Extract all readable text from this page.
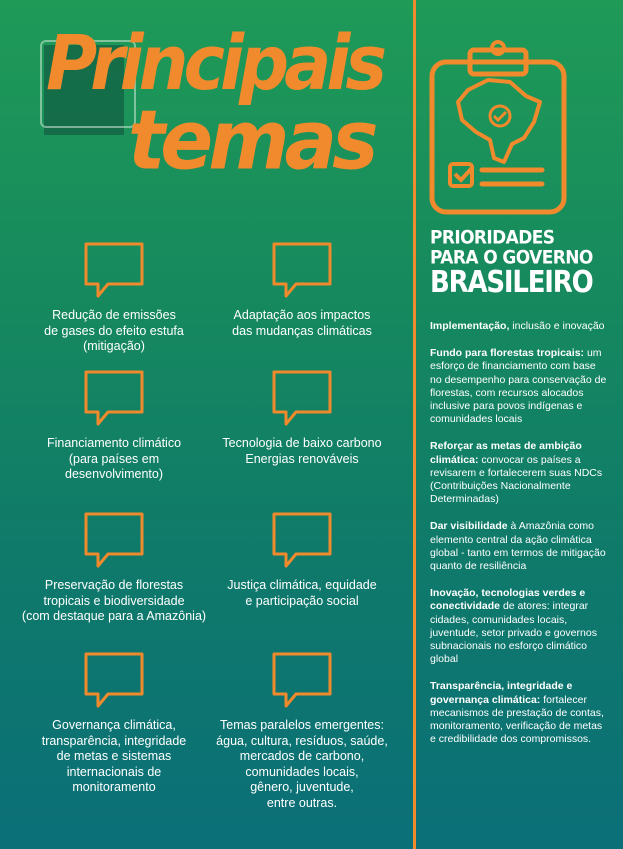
Principais
temas
Redução de emissões
de gases do efeito estufa
(mitigação)
Adaptação aos impactos
das mudanças climáticas
Financiamento climático
(para países em
desenvolvimento)
Tecnologia de baixo carbono
Energias renováveis
Preservação de florestas
tropicais e biodiversidade
(com destaque para a Amazônia)
Justiça climática, equidade
e participação social
Governança climática,
transparência, integridade
de metas e sistemas
internacionais de
monitoramento
Temas paralelos emergentes:
água, cultura, resíduos, saúde,
mercados de carbono,
comunidades locais,
gênero, juventude,
entre outras.
PRIORIDADES
PARA O GOVERNO
BRASILEIRO
Implementação, inclusão e inovação
Fundo para florestas tropicais: um esforço de financiamento com base no desempenho para conservação de florestas, com recursos alocados inclusive para povos indígenas e comunidades locais
Reforçar as metas de ambição climática: convocar os países a revisarem e fortalecerem suas NDCs (Contribuições Nacionalmente Determinadas)
Dar visibilidade à Amazônia como elemento central da ação climática global - tanto em termos de mitigação quanto de resiliência
Inovação, tecnologias verdes e conectividade de atores: integrar cidades, comunidades locais, juventude, setor privado e governos subnacionais no esforço climático global
Transparência, integridade e governança climática: fortalecer mecanismos de prestação de contas, monitoramento, verificação de metas e credibilidade dos compromissos.
